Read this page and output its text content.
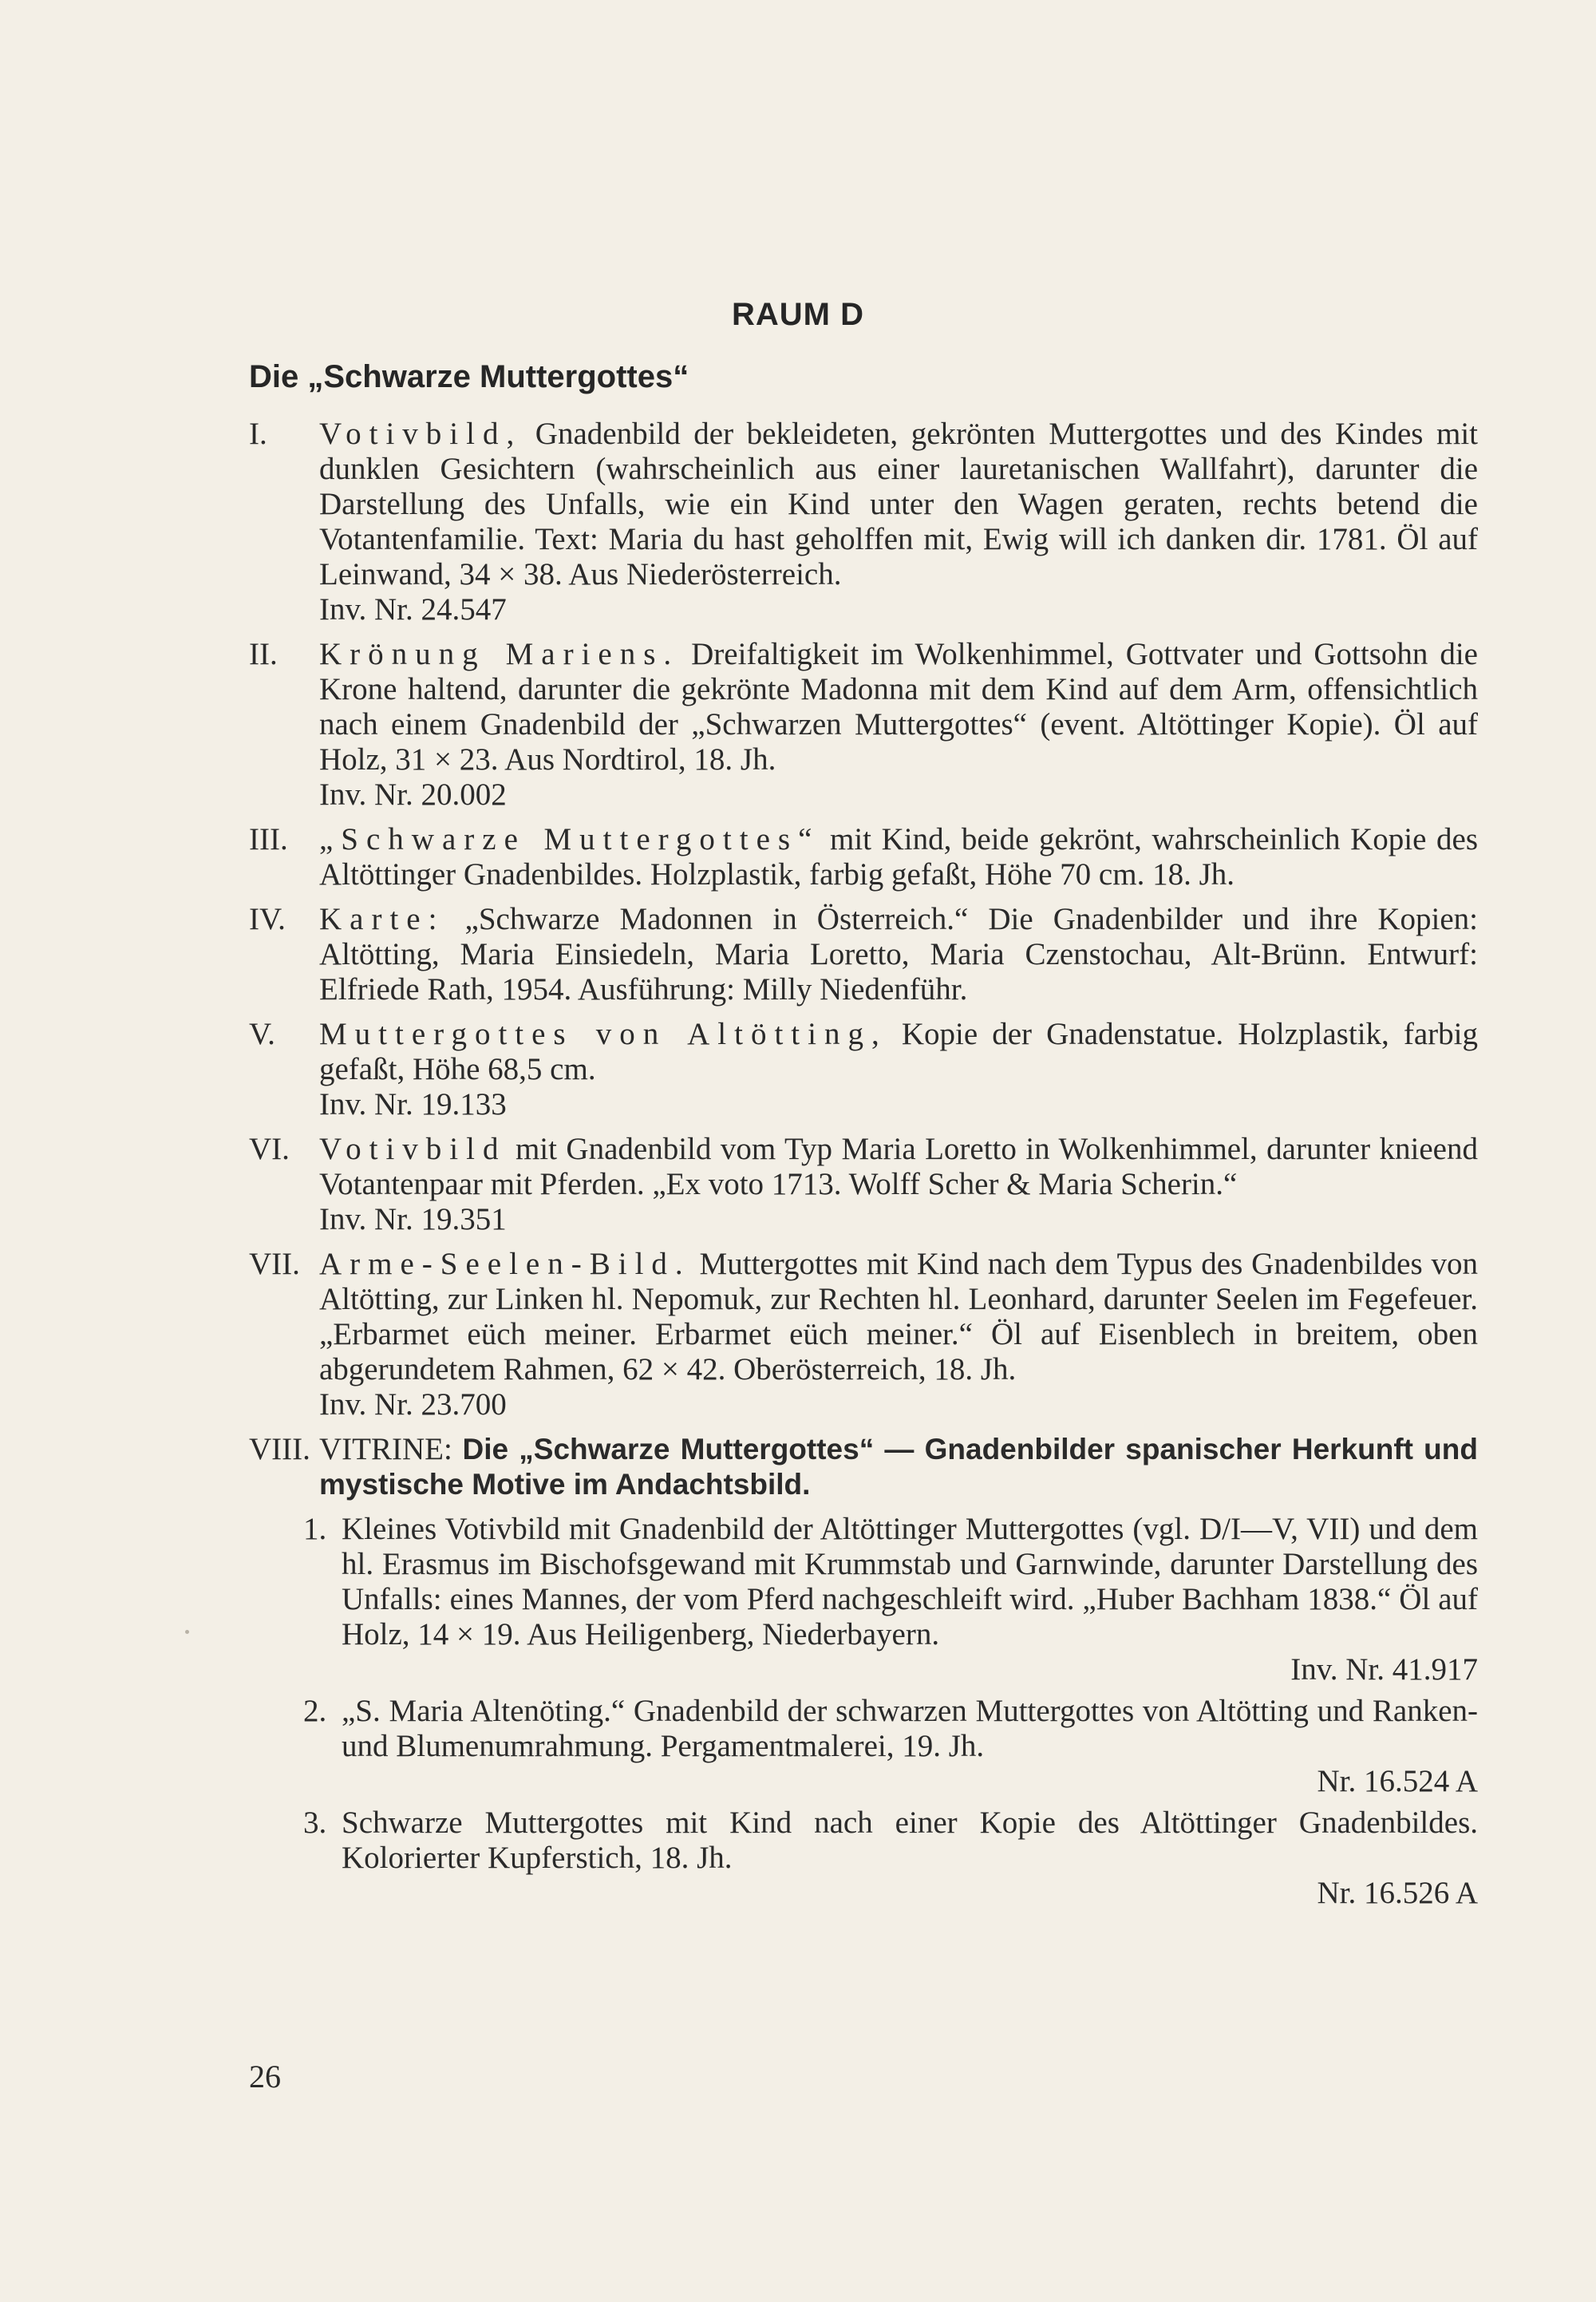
RAUM D
Die „Schwarze Muttergottes“
I. Votivbild, Gnadenbild der bekleideten, gekrönten Muttergottes und des Kindes mit dunklen Gesichtern (wahrscheinlich aus einer lauretanischen Wallfahrt), darunter die Darstellung des Unfalls, wie ein Kind unter den Wagen geraten, rechts betend die Votantenfamilie. Text: Maria du hast geholffen mit, Ewig will ich danken dir. 1781. Öl auf Leinwand, 34 × 38. Aus Niederösterreich.

Inv. Nr. 24.547

II. Krönung Mariens. Dreifaltigkeit im Wolkenhimmel, Gottvater und Gottsohn die Krone haltend, darunter die gekrönte Madonna mit dem Kind auf dem Arm, offensichtlich nach einem Gnadenbild der „Schwarzen Muttergottes“ (event. Altöttinger Kopie). Öl auf Holz, 31 × 23. Aus Nordtirol, 18. Jh.

Inv. Nr. 20.002

III. „Schwarze Muttergottes“ mit Kind, beide gekrönt, wahrscheinlich Kopie des Altöttinger Gnadenbildes. Holzplastik, farbig gefaßt, Höhe 70 cm. 18. Jh.

IV. Karte: „Schwarze Madonnen in Österreich.“ Die Gnadenbilder und ihre Kopien: Altötting, Maria Einsiedeln, Maria Loretto, Maria Czenstochau, Alt-Brünn. Entwurf: Elfriede Rath, 1954. Ausführung: Milly Niedenführ.

V. Muttergottes von Altötting, Kopie der Gnadenstatue. Holzplastik, farbig gefaßt, Höhe 68,5 cm.

Inv. Nr. 19.133

VI. Votivbild mit Gnadenbild vom Typ Maria Loretto in Wolkenhimmel, darunter knieend Votantenpaar mit Pferden. „Ex voto 1713. Wolff Scher & Maria Scherin.“

Inv. Nr. 19.351

VII. Arme-Seelen-Bild. Muttergottes mit Kind nach dem Typus des Gnadenbildes von Altötting, zur Linken hl. Nepomuk, zur Rechten hl. Leonhard, darunter Seelen im Fegefeuer. „Erbarmet eüch meiner. Erbarmet eüch meiner.“ Öl auf Eisenblech in breitem, oben abgerundetem Rahmen, 62 × 42. Oberösterreich, 18. Jh.

Inv. Nr. 23.700

VIII. VITRINE: Die „Schwarze Muttergottes“ — Gnadenbilder spanischer Herkunft und mystische Motive im Andachtsbild.

1. Kleines Votivbild mit Gnadenbild der Altöttinger Muttergottes (vgl. D/I—V, VII) und dem hl. Erasmus im Bischofsgewand mit Krummstab und Garnwinde, darunter Darstellung des Unfalls: eines Mannes, der vom Pferd nachgeschleift wird. „Huber Bachham 1838.“ Öl auf Holz, 14 × 19. Aus Heiligenberg, Niederbayern.

Inv. Nr. 41.917

2. „S. Maria Altenöting.“ Gnadenbild der schwarzen Muttergottes von Altötting und Ranken- und Blumenumrahmung. Pergamentmalerei, 19. Jh.

Nr. 16.524 A

3. Schwarze Muttergottes mit Kind nach einer Kopie des Altöttinger Gnadenbildes. Kolorierter Kupferstich, 18. Jh.

Nr. 16.526 A

26
